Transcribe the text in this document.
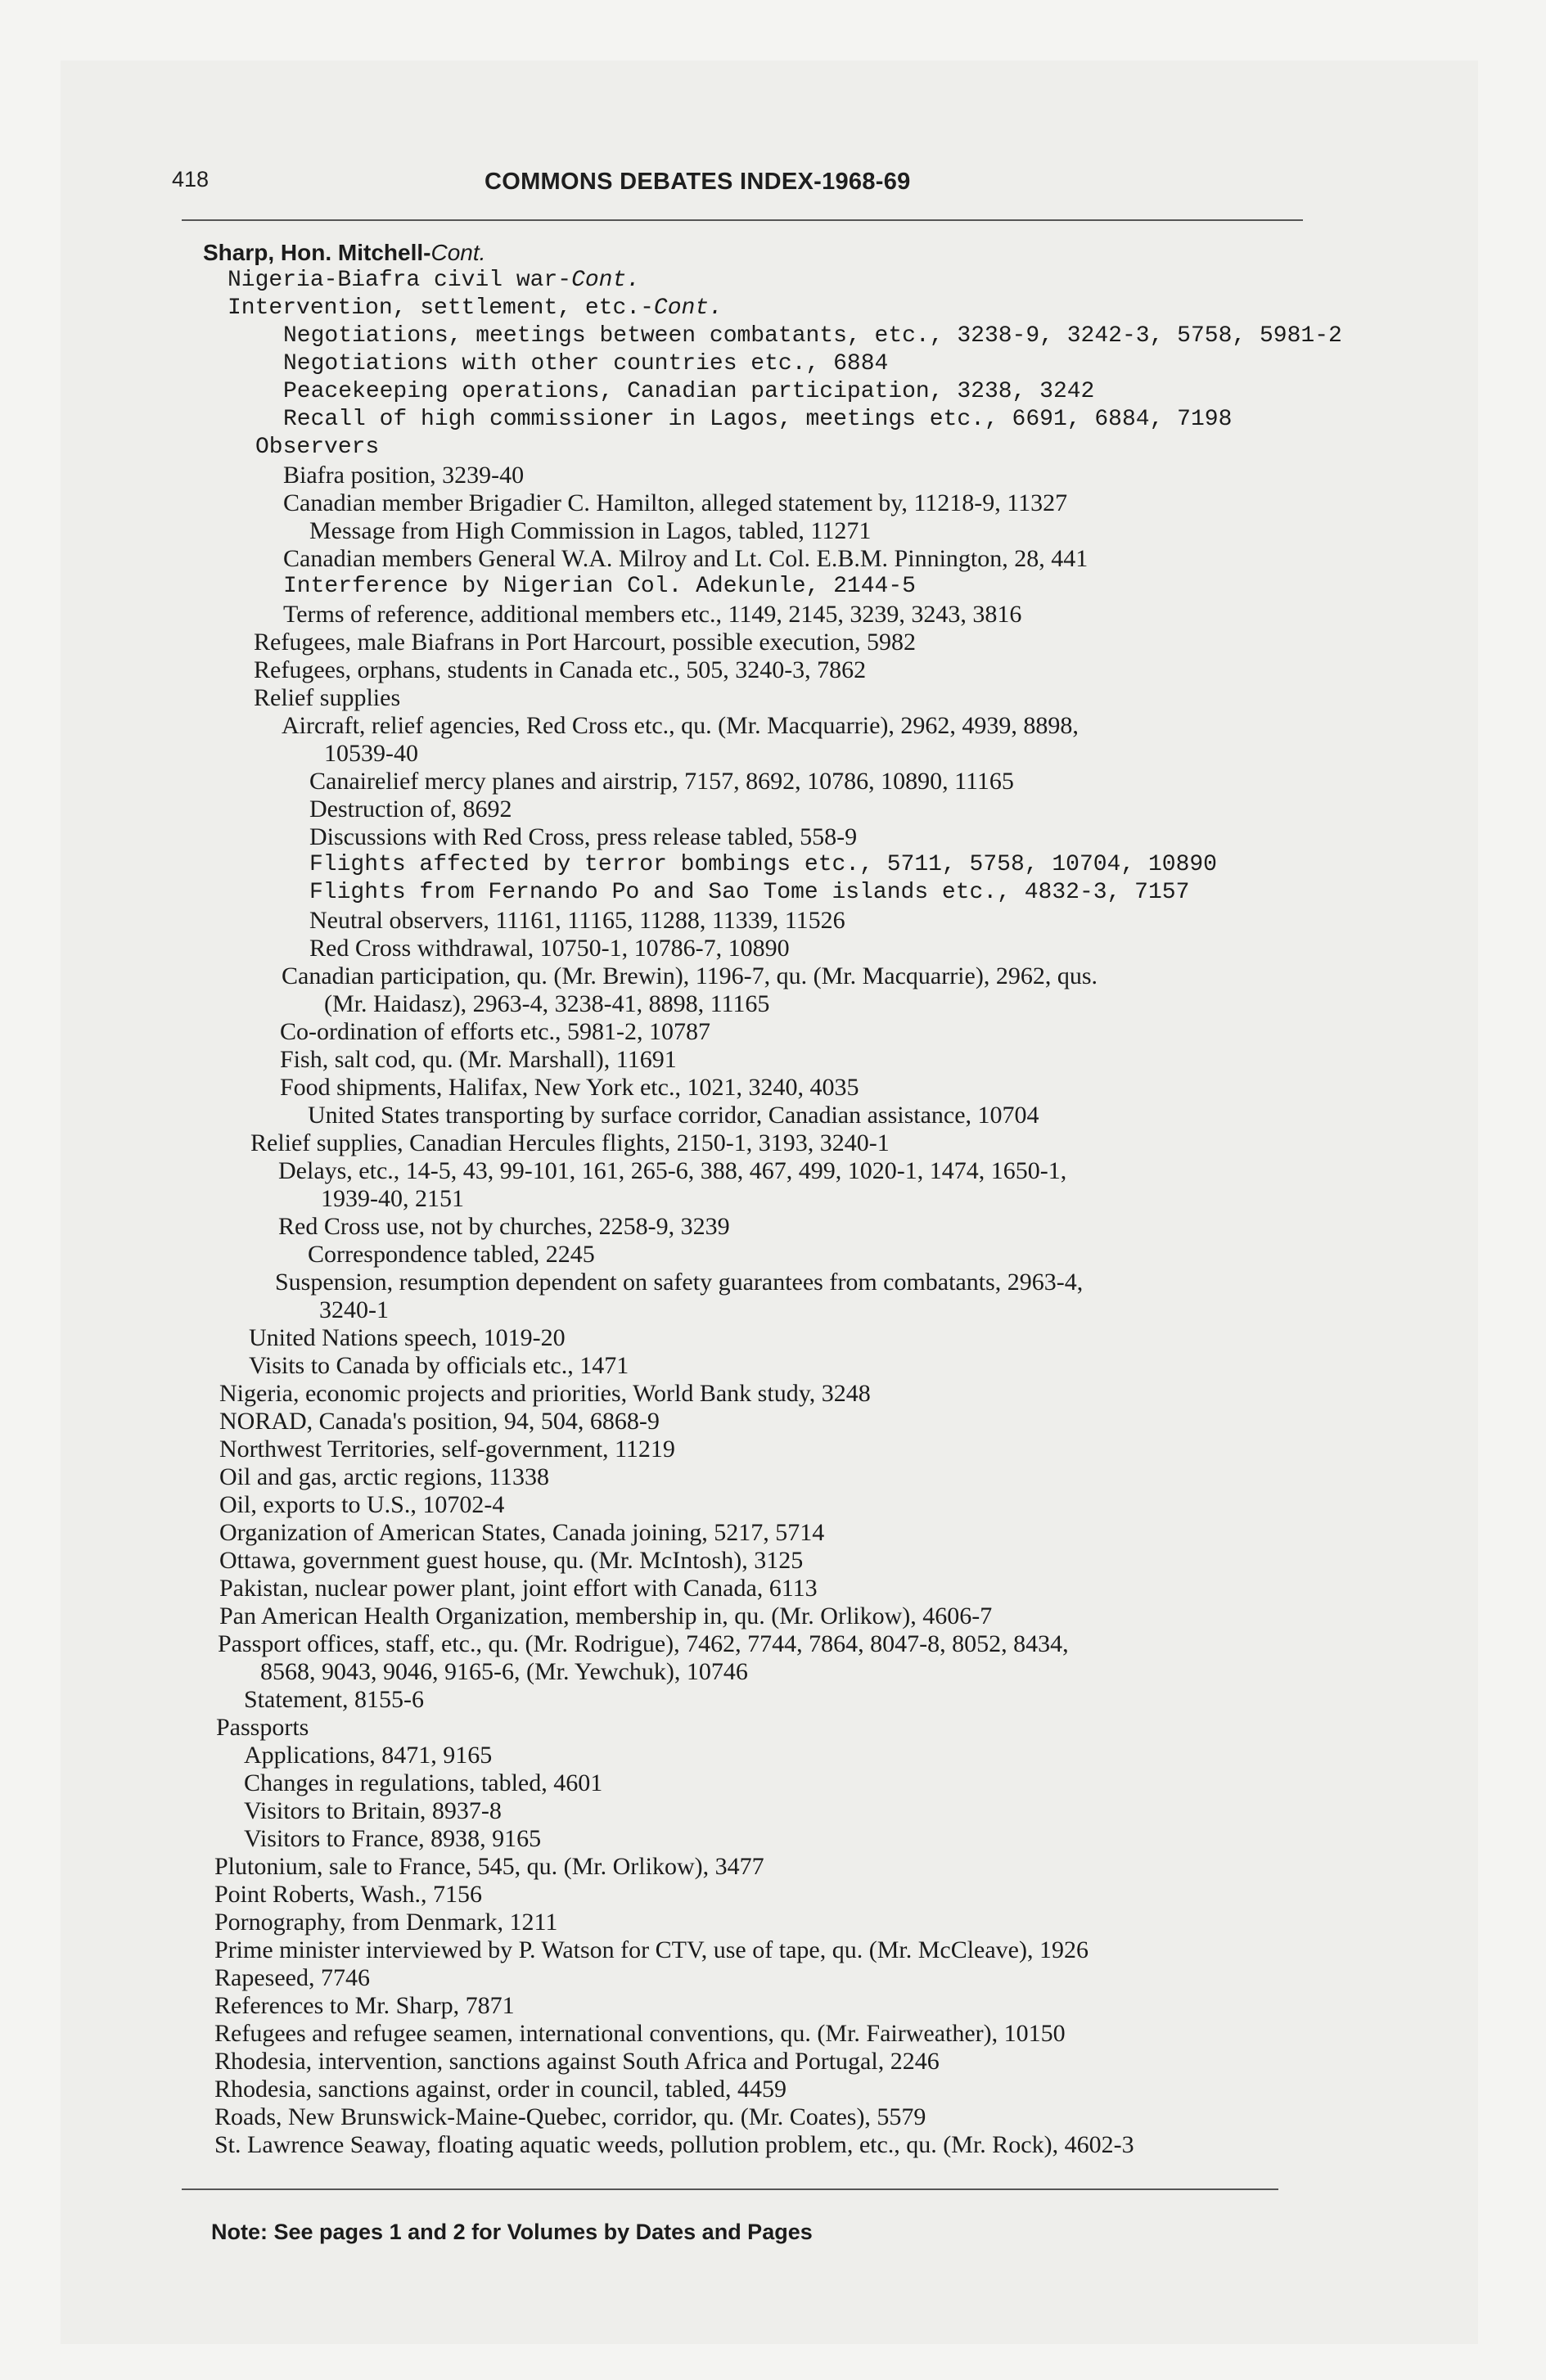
418	COMMONS DEBATES INDEX-1968-69
Sharp, Hon. Mitchell-Cont.
Nigeria-Biafra civil war-Cont.
Intervention, settlement, etc.-Cont.
Negotiations, meetings between combatants, etc., 3238-9, 3242-3, 5758, 5981-2
Negotiations with other countries etc., 6884
Peacekeeping operations, Canadian participation, 3238, 3242
Recall of high commissioner in Lagos, meetings etc., 6691, 6884, 7198
Observers
Biafra position, 3239-40
Canadian member Brigadier C. Hamilton, alleged statement by, 11218-9, 11327
Message from High Commission in Lagos, tabled, 11271
Canadian members General W.A. Milroy and Lt. Col. E.B.M. Pinnington, 28, 441
Interference by Nigerian Col. Adekunle, 2144-5
Terms of reference, additional members etc., 1149, 2145, 3239, 3243, 3816
Refugees, male Biafrans in Port Harcourt, possible execution, 5982
Refugees, orphans, students in Canada etc., 505, 3240-3, 7862
Relief supplies
Aircraft, relief agencies, Red Cross etc., qu. (Mr. Macquarrie), 2962, 4939, 8898,
10539-40
Canairelief mercy planes and airstrip, 7157, 8692, 10786, 10890, 11165
Destruction of, 8692
Discussions with Red Cross, press release tabled, 558-9
Flights affected by terror bombings etc., 5711, 5758, 10704, 10890
Flights from Fernando Po and Sao Tome islands etc., 4832-3, 7157
Neutral observers, 11161, 11165, 11288, 11339, 11526
Red Cross withdrawal, 10750-1, 10786-7, 10890
Canadian participation, qu. (Mr. Brewin), 1196-7, qu. (Mr. Macquarrie), 2962, qus.
(Mr. Haidasz), 2963-4, 3238-41, 8898, 11165
Co-ordination of efforts etc., 5981-2, 10787
Fish, salt cod, qu. (Mr. Marshall), 11691
Food shipments, Halifax, New York etc., 1021, 3240, 4035
United States transporting by surface corridor, Canadian assistance, 10704
Relief supplies, Canadian Hercules flights, 2150-1, 3193, 3240-1
Delays, etc., 14-5, 43, 99-101, 161, 265-6, 388, 467, 499, 1020-1, 1474, 1650-1,
1939-40, 2151
Red Cross use, not by churches, 2258-9, 3239
Correspondence tabled, 2245
Suspension, resumption dependent on safety guarantees from combatants, 2963-4,
3240-1
United Nations speech, 1019-20
Visits to Canada by officials etc., 1471
Nigeria, economic projects and priorities, World Bank study, 3248
NORAD, Canada's position, 94, 504, 6868-9
Northwest Territories, self-government, 11219
Oil and gas, arctic regions, 11338
Oil, exports to U.S., 10702-4
Organization of American States, Canada joining, 5217, 5714
Ottawa, government guest house, qu. (Mr. McIntosh), 3125
Pakistan, nuclear power plant, joint effort with Canada, 6113
Pan American Health Organization, membership in, qu. (Mr. Orlikow), 4606-7
Passport offices, staff, etc., qu. (Mr. Rodrigue), 7462, 7744, 7864, 8047-8, 8052, 8434,
8568, 9043, 9046, 9165-6, (Mr. Yewchuk), 10746
Statement, 8155-6
Passports
Applications, 8471, 9165
Changes in regulations, tabled, 4601
Visitors to Britain, 8937-8
Visitors to France, 8938, 9165
Plutonium, sale to France, 545, qu. (Mr. Orlikow), 3477
Point Roberts, Wash., 7156
Pornography, from Denmark, 1211
Prime minister interviewed by P. Watson for CTV, use of tape, qu. (Mr. McCleave), 1926
Rapeseed, 7746
References to Mr. Sharp, 7871
Refugees and refugee seamen, international conventions, qu. (Mr. Fairweather), 10150
Rhodesia, intervention, sanctions against South Africa and Portugal, 2246
Rhodesia, sanctions against, order in council, tabled, 4459
Roads, New Brunswick-Maine-Quebec, corridor, qu. (Mr. Coates), 5579
St. Lawrence Seaway, floating aquatic weeds, pollution problem, etc., qu. (Mr. Rock), 4602-3
Note: See pages 1 and 2 for Volumes by Dates and Pages
